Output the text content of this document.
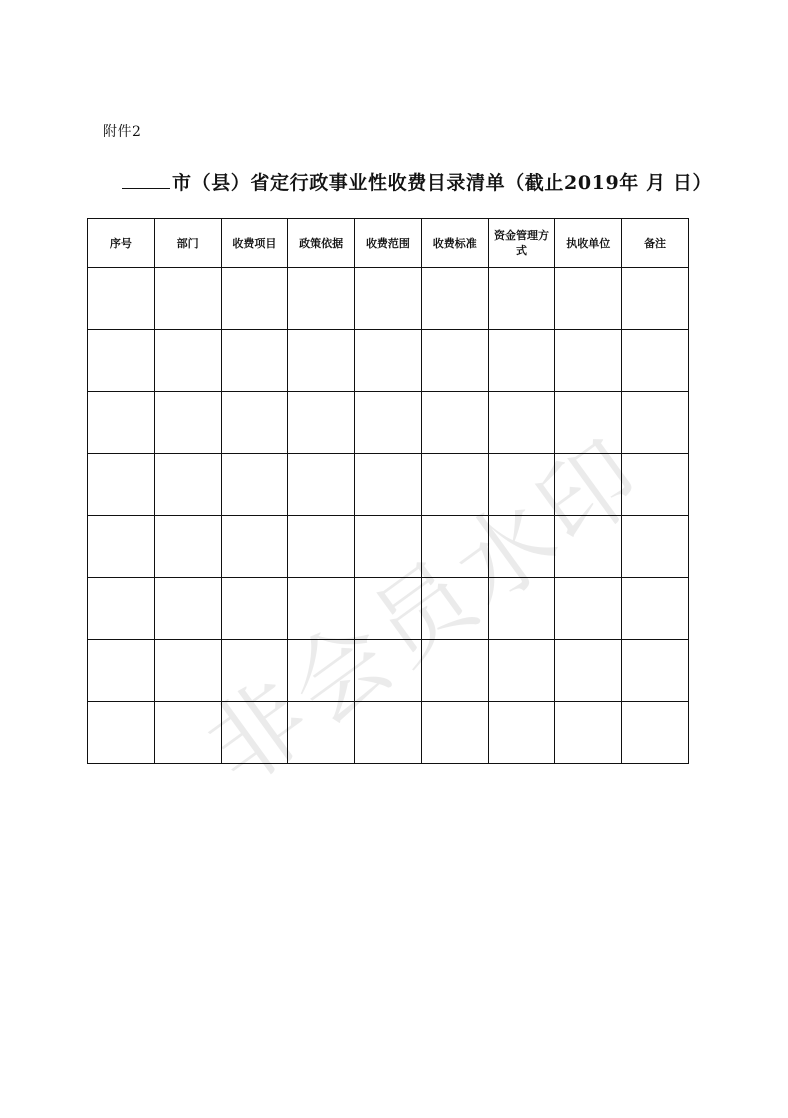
附件2
市（县）省定行政事业性收费目录清单（截止2019年 月 日）
序号	部门	收费项目	政策依据	收费范围	收费标准	资金管理方式	执收单位	备注

非会员水印
